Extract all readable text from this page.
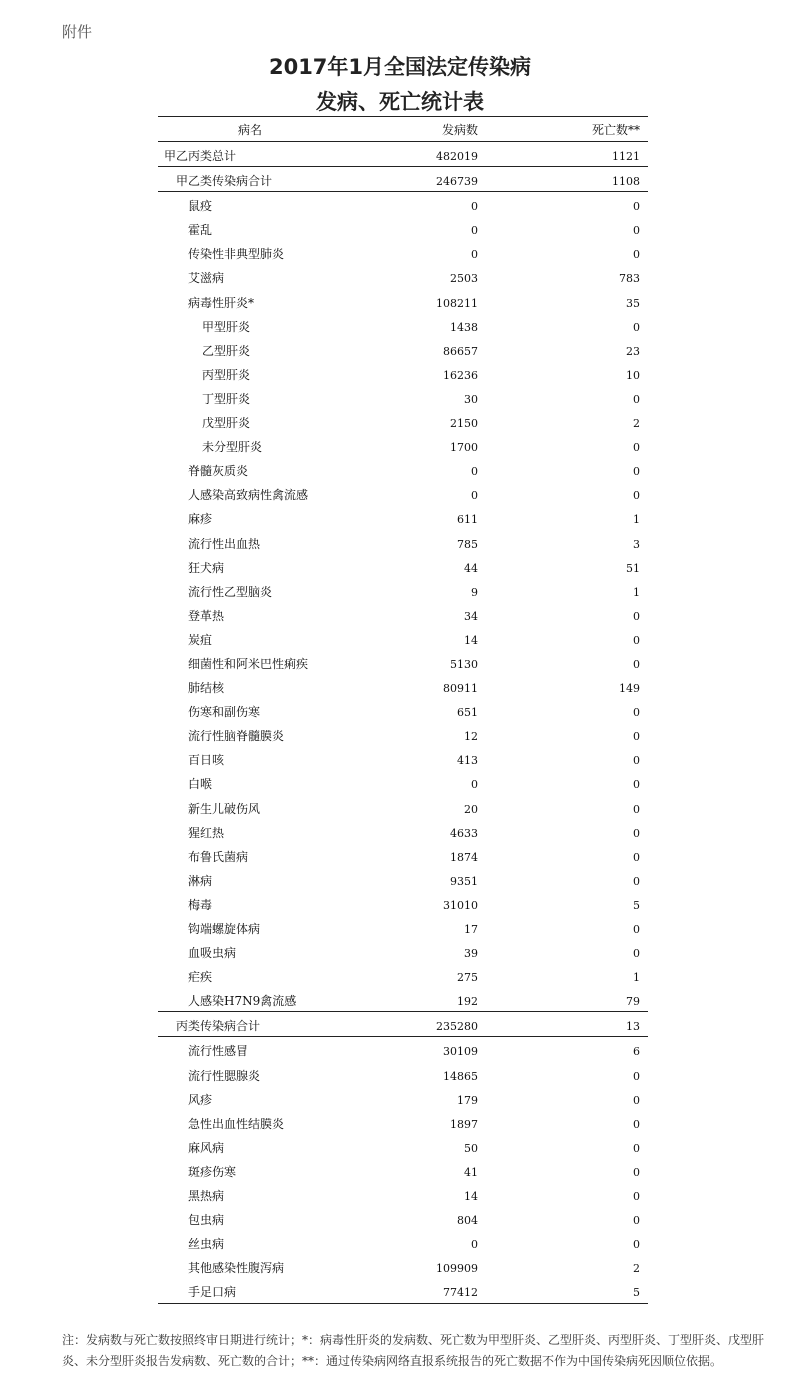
附件
2017年1月全国法定传染病
发病、死亡统计表
病名	发病数	死亡数**
甲乙丙类总计	482019	1121
甲乙类传染病合计	246739	1108
鼠疫	0	0
霍乱	0	0
传染性非典型肺炎	0	0
艾滋病	2503	783
病毒性肝炎*	108211	35
甲型肝炎	1438	0
乙型肝炎	86657	23
丙型肝炎	16236	10
丁型肝炎	30	0
戊型肝炎	2150	2
未分型肝炎	1700	0
脊髓灰质炎	0	0
人感染高致病性禽流感	0	0
麻疹	611	1
流行性出血热	785	3
狂犬病	44	51
流行性乙型脑炎	9	1
登革热	34	0
炭疽	14	0
细菌性和阿米巴性痢疾	5130	0
肺结核	80911	149
伤寒和副伤寒	651	0
流行性脑脊髓膜炎	12	0
百日咳	413	0
白喉	0	0
新生儿破伤风	20	0
猩红热	4633	0
布鲁氏菌病	1874	0
淋病	9351	0
梅毒	31010	5
钩端螺旋体病	17	0
血吸虫病	39	0
疟疾	275	1
人感染H7N9禽流感	192	79
丙类传染病合计	235280	13
流行性感冒	30109	6
流行性腮腺炎	14865	0
风疹	179	0
急性出血性结膜炎	1897	0
麻风病	50	0
斑疹伤寒	41	0
黑热病	14	0
包虫病	804	0
丝虫病	0	0
其他感染性腹泻病	109909	2
手足口病	77412	5
注：发病数与死亡数按照终审日期进行统计；*：病毒性肝炎的发病数、死亡数为甲型肝炎、乙型肝炎、丙型肝炎、丁型肝炎、戊型肝炎、未分型肝炎报告发病数、死亡数的合计；**：通过传染病网络直报系统报告的死亡数据不作为中国传染病死因顺位依据。
